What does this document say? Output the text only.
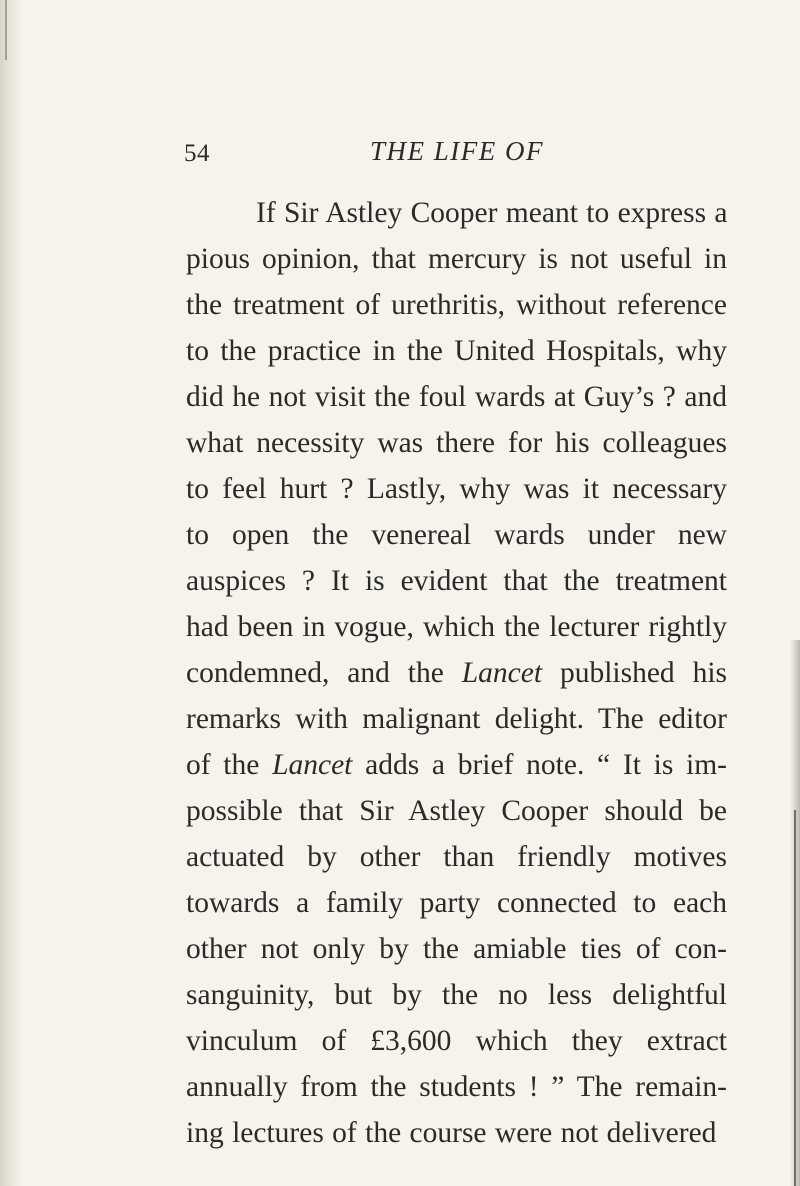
54	THE LIFE OF
If Sir Astley Cooper meant to express a
pious opinion, that mercury is not useful in
the treatment of urethritis, without reference
to the practice in the United Hospitals, why
did he not visit the foul wards at Guy’s ? and
what necessity was there for his colleagues
to feel hurt ? Lastly, why was it necessary
to open the venereal wards under new
auspices ? It is evident that the treatment
had been in vogue, which the lecturer rightly
condemned, and the Lancet published his
remarks with malignant delight. The editor
of the Lancet adds a brief note. “ It is im-
possible that Sir Astley Cooper should be
actuated by other than friendly motives
towards a family party connected to each
other not only by the amiable ties of con-
sanguinity, but by the no less delightful
vinculum of £3,600 which they extract
annually from the students ! ” The remain-
ing lectures of the course were not delivered
